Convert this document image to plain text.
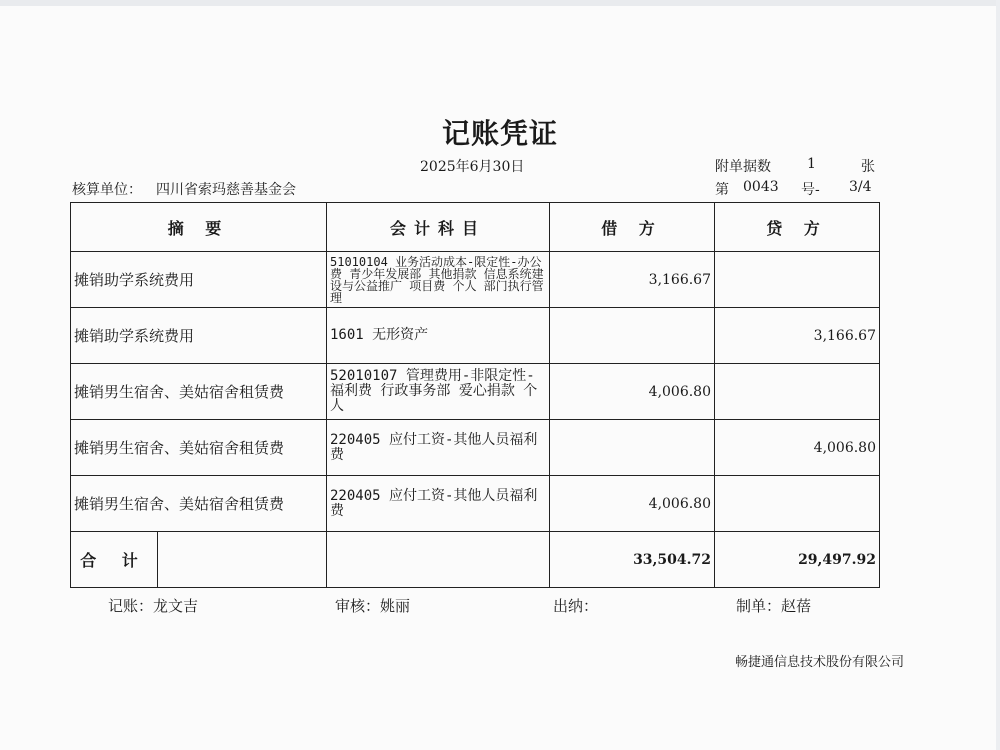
记账凭证
2025年6月30日	附单据数	1	张
核算单位： 四川省索玛慈善基金会	第 0043 号- 3/4
摘 要	会计科目	借 方	贷 方
摊销助学系统费用	51010104 业务活动成本-限定性-办公费 青少年发展部 其他捐款 信息系统建设与公益推广 项目费 个人 部门执行管理	3,166.67	
摊销助学系统费用	1601 无形资产		3,166.67
摊销男生宿舍、美姑宿舍租赁费	52010107 管理费用-非限定性-福利费 行政事务部 爱心捐款 个人	4,006.80	
摊销男生宿舍、美姑宿舍租赁费	220405 应付工资-其他人员福利费		4,006.80
摊销男生宿舍、美姑宿舍租赁费	220405 应付工资-其他人员福利费	4,006.80	

合 计		33,504.72	29,497.92
记账：龙文吉	审核：姚丽	出纳：	制单：赵蓓
畅捷通信息技术股份有限公司
